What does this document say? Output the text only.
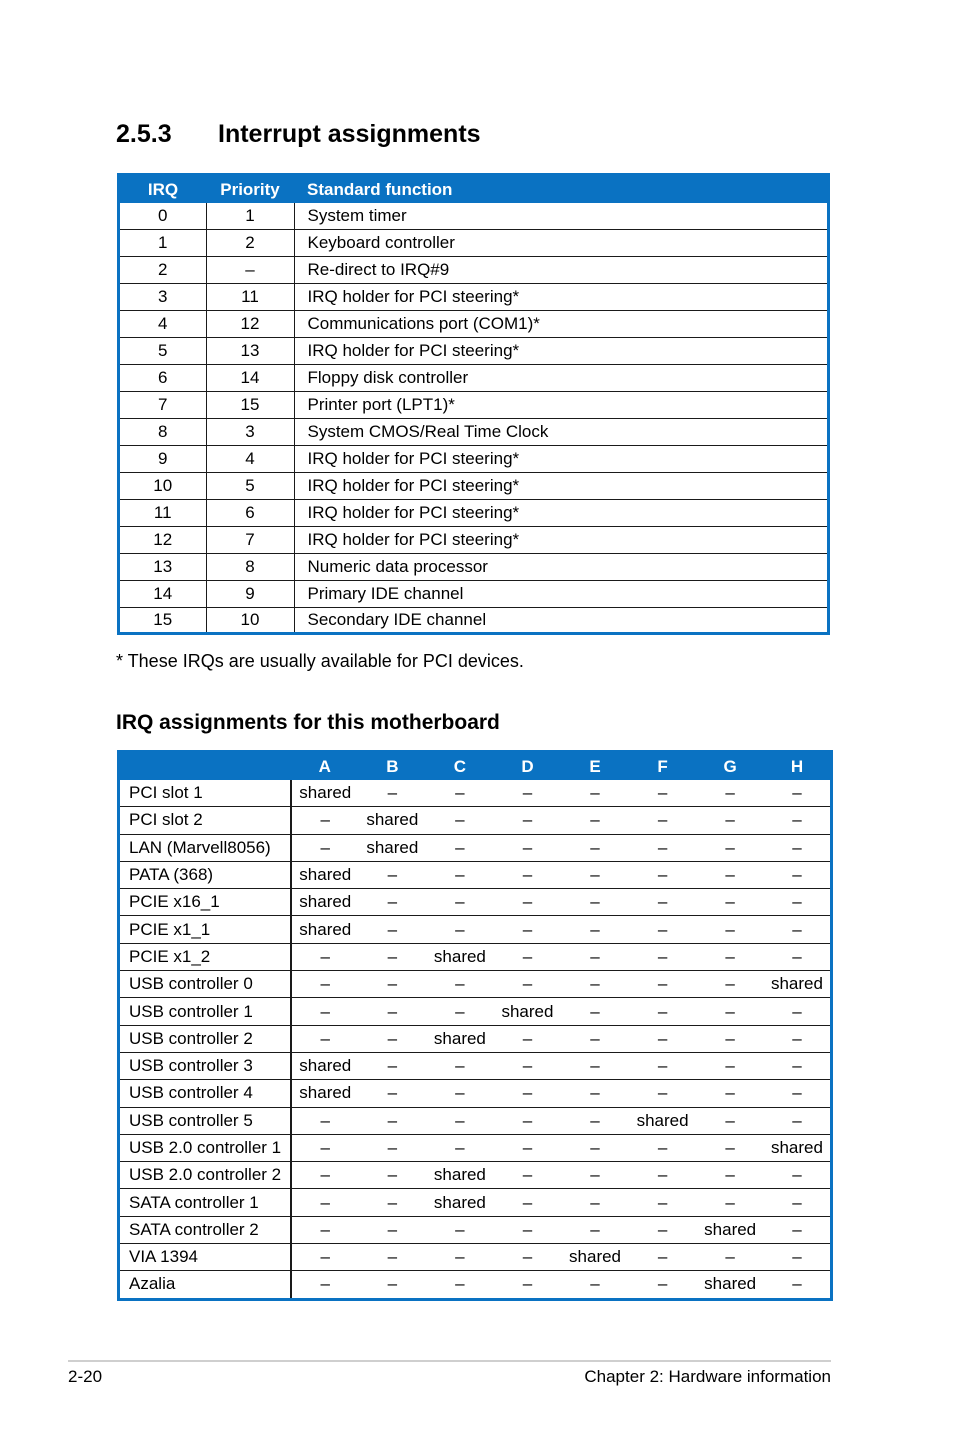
2.5.3 Interrupt assignments
IRQ	Priority	Standard function
0	1	System timer
1	2	Keyboard controller
2	–	Re-direct to IRQ#9
3	11	IRQ holder for PCI steering*
4	12	Communications port (COM1)*
5	13	IRQ holder for PCI steering*
6	14	Floppy disk controller
7	15	Printer port (LPT1)*
8	3	System CMOS/Real Time Clock
9	4	IRQ holder for PCI steering*
10	5	IRQ holder for PCI steering*
11	6	IRQ holder for PCI steering*
12	7	IRQ holder for PCI steering*
13	8	Numeric data processor
14	9	Primary IDE channel
15	10	Secondary IDE channel

* These IRQs are usually available for PCI devices.

IRQ assignments for this motherboard
	A	B	C	D	E	F	G	H
PCI slot 1	shared	–	–	–	–	–	–	–
PCI slot 2	–	shared	–	–	–	–	–	–
LAN (Marvell8056)	–	shared	–	–	–	–	–	–
PATA (368)	shared	–	–	–	–	–	–	–
PCIE x16_1	shared	–	–	–	–	–	–	–
PCIE x1_1	shared	–	–	–	–	–	–	–
PCIE x1_2	–	–	shared	–	–	–	–	–
USB controller 0	–	–	–	–	–	–	–	shared
USB controller 1	–	–	–	shared	–	–	–	–
USB controller 2	–	–	shared	–	–	–	–	–
USB controller 3	shared	–	–	–	–	–	–	–
USB controller 4	shared	–	–	–	–	–	–	–
USB controller 5	–	–	–	–	–	shared	–	–
USB 2.0 controller 1	–	–	–	–	–	–	–	shared
USB 2.0 controller 2	–	–	shared	–	–	–	–	–
SATA controller 1	–	–	shared	–	–	–	–	–
SATA controller 2	–	–	–	–	–	–	shared	–
VIA 1394	–	–	–	–	shared	–	–	–
Azalia	–	–	–	–	–	–	shared	–
2-20	Chapter 2: Hardware information
